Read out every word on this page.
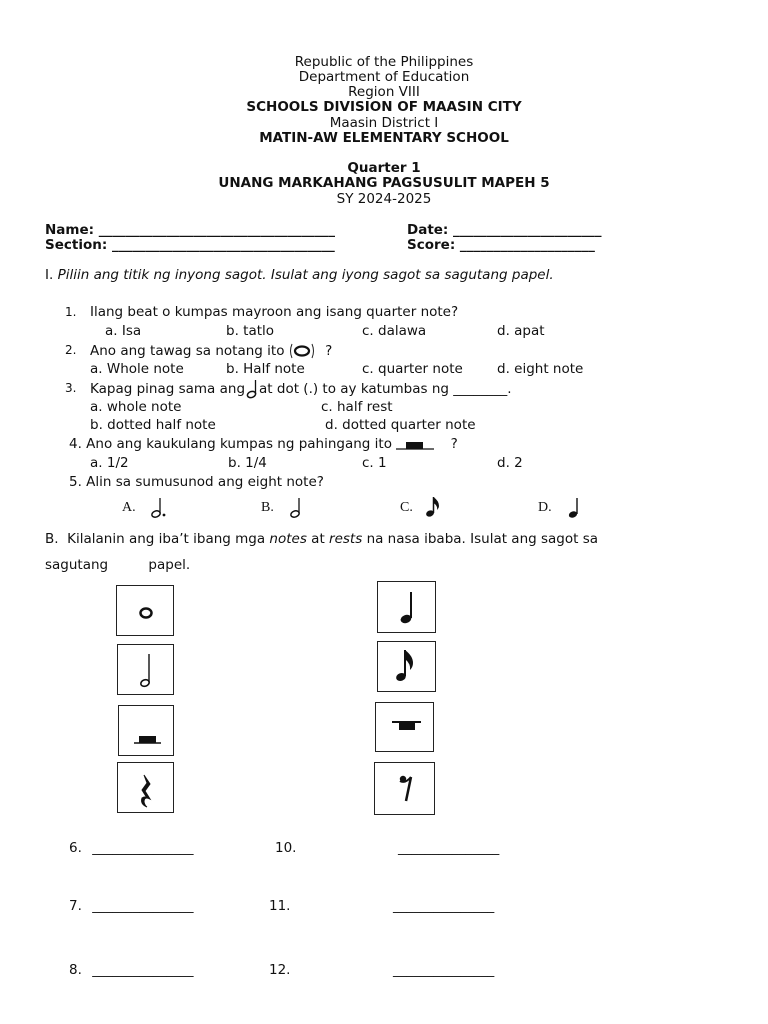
Republic of the Philippines
Department of Education
Region VIII
SCHOOLS DIVISION OF MAASIN CITY
Maasin District I
MATIN-AW ELEMENTARY SCHOOL
Quarter 1
UNANG MARKAHANG PAGSUSULIT MAPEH 5
SY 2024-2025
Name: ___________________________________	Date: ______________________
Section: _________________________________	Score: ____________________
I. Piliin ang titik ng inyong sagot. Isulat ang iyong sagot sa sagutang papel.
1. Ilang beat o kumpas mayroon ang isang quarter note?
a. Isa	b. tatlo	c. dalawa	d. apat
2. Ano ang tawag sa notang ito	?
a. Whole note	b. Half note	c. quarter note	d. eight note
3. Kapag pinag sama ang at dot (.) to ay katumbas ng ________.
a. whole note	c. half rest
b. dotted half note	d. dotted quarter note
4. Ano ang kaukulang kumpas ng pahingang ito	?
a. 1/2	b. 1/4	c. 1	d. 2
5. Alin sa sumusunod ang eight note?
A.	B.	C.	D.
B. Kilalanin ang iba’t ibang mga notes at rests na nasa ibaba. Isulat ang sagot sa
sagutang	papel.
6. _______________	10.	_______________
7. _______________	11.	_______________
8. _______________	12.	_______________
